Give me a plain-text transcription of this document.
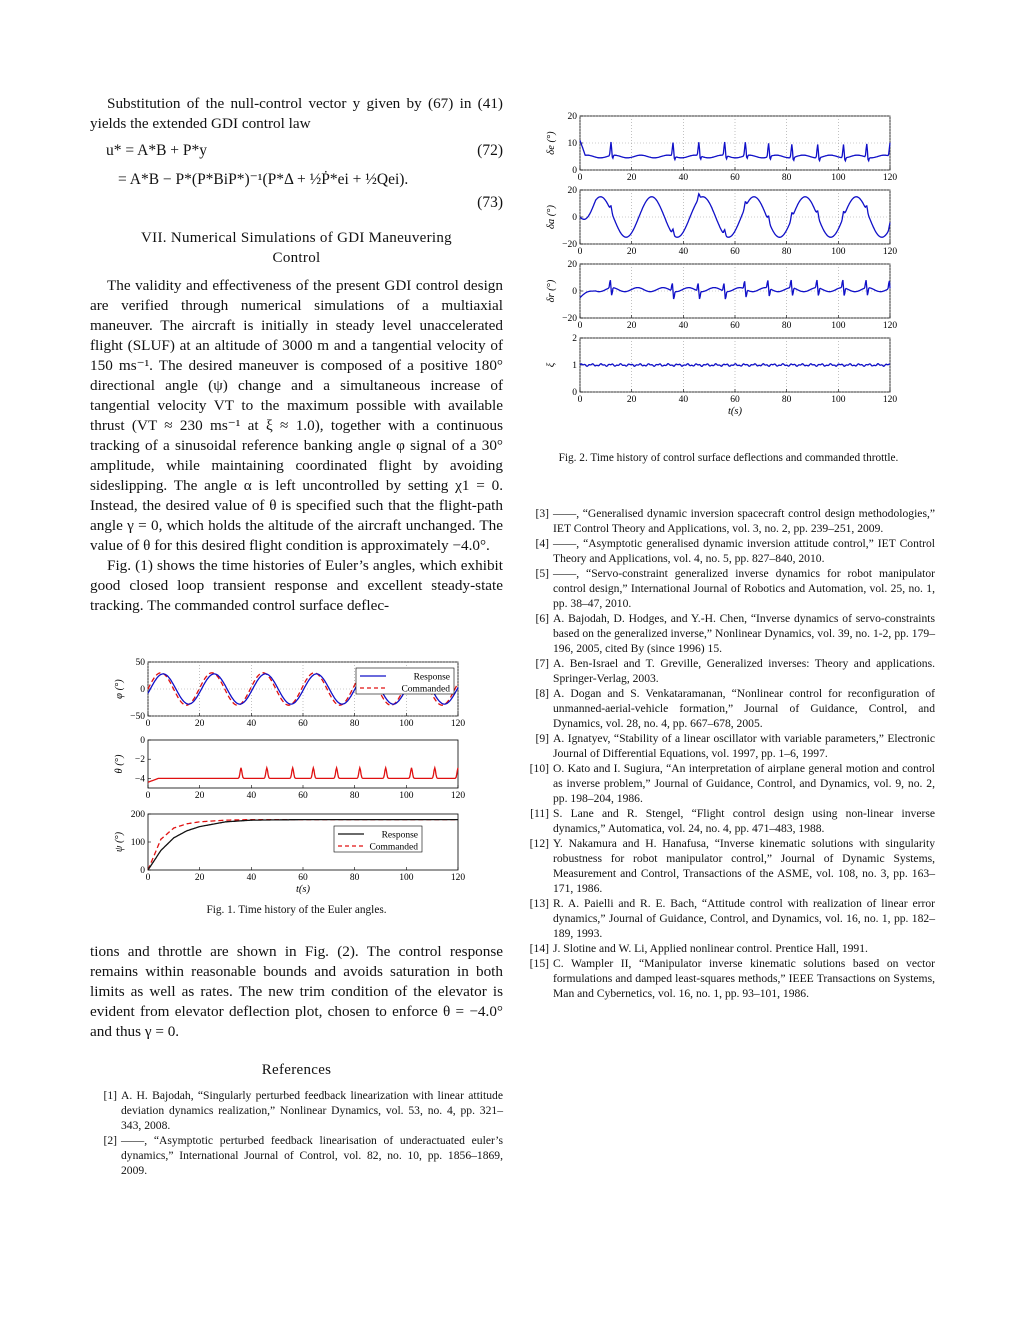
Substitution of the null-control vector y given by (67) in (41) yields the extended GDI control law

u* = A*B + P*y	(72)
= A*B − P*(P*BiP*)⁻¹(P*Δ + ½Ṗ*ei + ½Qei).
(73)
VII. Numerical Simulations of GDI Maneuvering
Control

The validity and effectiveness of the present GDI control design are verified through numerical simulations of a multiaxial maneuver. The aircraft is initially in steady level unaccelerated flight (SLUF) at an altitude of 3000 m and a tangential velocity of 150 ms⁻¹. The desired maneuver is composed of a positive 180° directional angle (ψ) change and a simultaneous increase of tangential velocity VT to the maximum possible with available thrust (VT ≈ 230 ms⁻¹ at ξ ≈ 1.0), together with a continuous tracking of a sinusoidal reference banking angle φ signal of a 30° amplitude, while maintaining coordinated flight by avoiding sideslipping. The angle α is left uncontrolled by setting χ1 = 0. Instead, the desired value of θ is specified such that the flight-path angle γ = 0, which holds the altitude of the aircraft unchanged. The value of θ for this desired flight condition is approximately −4.0°.

Fig. (1) shows the time histories of Euler’s angles, which exhibit good closed loop transient response and excellent steady-state tracking. The commanded control surface deflec-

0	20	40	60	80	100	120
−50
0
50
φ (°)
Response
Commanded
0	20	40	60	80	100	120
−4
−2
0
θ (°)
0	20	40	60	80	100	120
0
100
200
ψ (°)
t(s)
Response
Commanded
Fig. 1. Time history of the Euler angles.

tions and throttle are shown in Fig. (2). The control response remains within reasonable bounds and avoids saturation in both limits as well as rates. The new trim condition of the elevator is evident from elevator deflection plot, chosen to enforce θ = −4.0° and thus γ = 0.

References
[1] A. H. Bajodah, “Singularly perturbed feedback linearization with linear attitude deviation dynamics realization,” Nonlinear Dynamics, vol. 53, no. 4, pp. 321–343, 2008.
[2] ——, “Asymptotic perturbed feedback linearisation of underactuated euler’s dynamics,” International Journal of Control, vol. 82, no. 10, pp. 1856–1869, 2009.
0	20	40	60	80	100	120
0
10
20
δe (°)
0	20	40	60	80	100	120
−20
0
20
δa (°)
0	20	40	60	80	100	120
−20
0
20
δr (°)
0	20	40	60	80	100	120
0
1
2
ξ
t(s)
Fig. 2. Time history of control surface deflections and commanded throttle.
[3] ——, “Generalised dynamic inversion spacecraft control design methodologies,” IET Control Theory and Applications, vol. 3, no. 2, pp. 239–251, 2009.
[4] ——, “Asymptotic generalised dynamic inversion attitude control,” IET Control Theory and Applications, vol. 4, no. 5, pp. 827–840, 2010.
[5] ——, “Servo-constraint generalized inverse dynamics for robot manipulator control design,” International Journal of Robotics and Automation, vol. 25, no. 1, pp. 38–47, 2010.
[6] A. Bajodah, D. Hodges, and Y.-H. Chen, “Inverse dynamics of servo-constraints based on the generalized inverse,” Nonlinear Dynamics, vol. 39, no. 1-2, pp. 179–196, 2005, cited By (since 1996) 15.
[7] A. Ben-Israel and T. Greville, Generalized inverses: Theory and applications. Springer-Verlag, 2003.
[8] A. Dogan and S. Venkataramanan, “Nonlinear control for reconfiguration of unmanned-aerial-vehicle formation,” Journal of Guidance, Control, and Dynamics, vol. 28, no. 4, pp. 667–678, 2005.
[9] A. Ignatyev, “Stability of a linear oscillator with variable parameters,” Electronic Journal of Differential Equations, vol. 1997, pp. 1–6, 1997.
[10] O. Kato and I. Sugiura, “An interpretation of airplane general motion and control as inverse problem,” Journal of Guidance, Control, and Dynamics, vol. 9, no. 2, pp. 198–204, 1986.
[11] S. Lane and R. Stengel, “Flight control design using non-linear inverse dynamics,” Automatica, vol. 24, no. 4, pp. 471–483, 1988.
[12] Y. Nakamura and H. Hanafusa, “Inverse kinematic solutions with singularity robustness for robot manipulator control,” Journal of Dynamic Systems, Measurement and Control, Transactions of the ASME, vol. 108, no. 3, pp. 163–171, 1986.
[13] R. A. Paielli and R. E. Bach, “Attitude control with realization of linear error dynamics,” Journal of Guidance, Control, and Dynamics, vol. 16, no. 1, pp. 182–189, 1993.
[14] J. Slotine and W. Li, Applied nonlinear control. Prentice Hall, 1991.
[15] C. Wampler II, “Manipulator inverse kinematic solutions based on vector formulations and damped least-squares methods,” IEEE Transactions on Systems, Man and Cybernetics, vol. 16, no. 1, pp. 93–101, 1986.
